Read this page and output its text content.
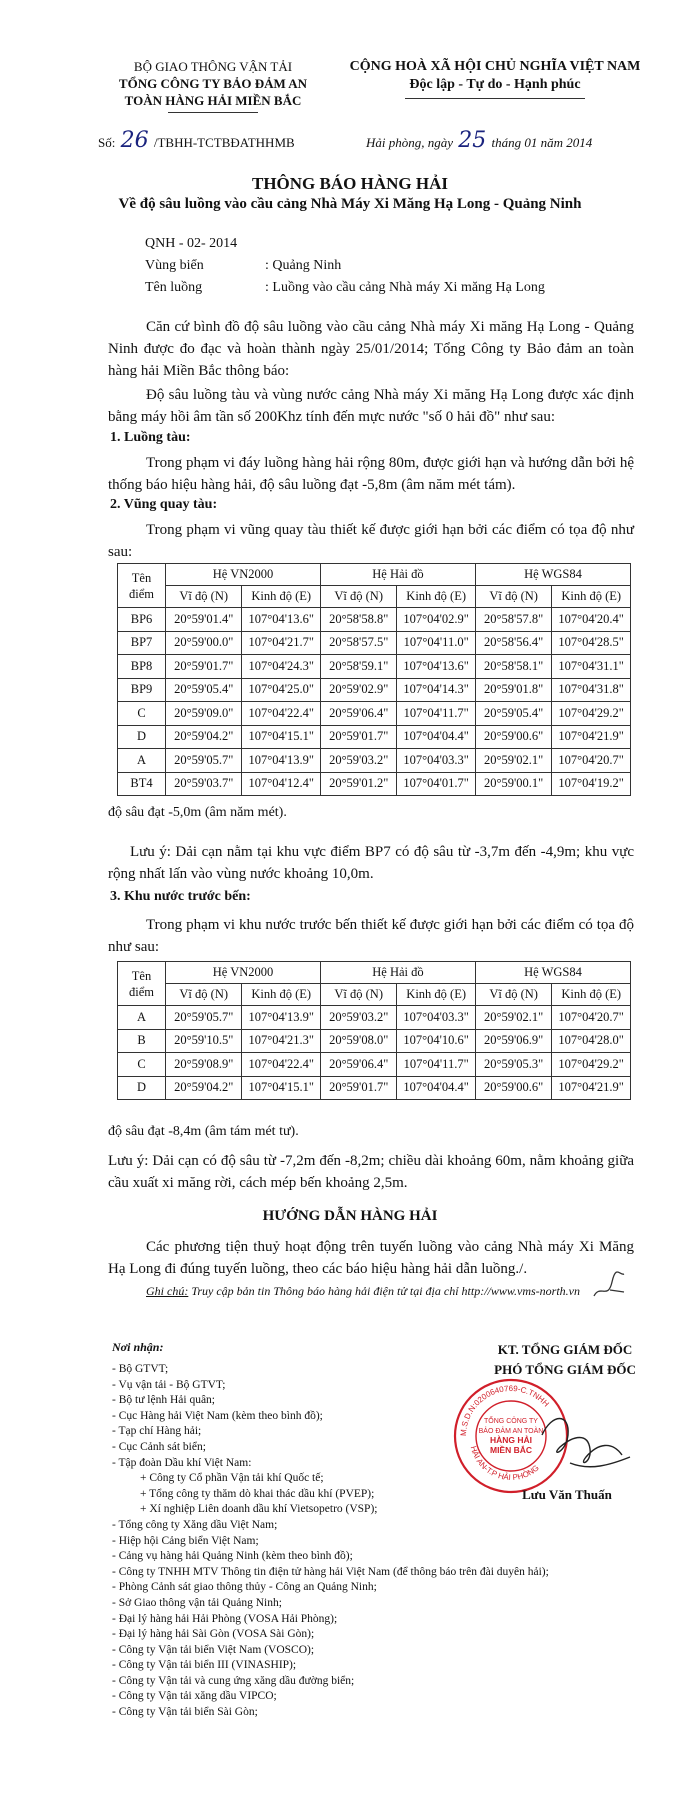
BỘ GIAO THÔNG VẬN TẢI
TỔNG CÔNG TY BẢO ĐẢM AN
TOÀN HÀNG HẢI MIỀN BẮC
CỘNG HOÀ XÃ HỘI CHỦ NGHĨA VIỆT NAM
Độc lập - Tự do - Hạnh phúc
Số: 26 /TBHH-TCTBĐATHHMB	Hải phòng, ngày 25 tháng 01 năm 2014
THÔNG BÁO HÀNG HẢI
Về độ sâu luồng vào cầu cảng Nhà Máy Xi Măng Hạ Long - Quảng Ninh
QNH - 02- 2014
Vùng biển	: Quảng Ninh
Tên luồng	: Luồng vào cầu cảng Nhà máy Xi măng Hạ Long
Căn cứ bình đồ độ sâu luồng vào cầu cảng Nhà máy Xi măng Hạ Long - Quảng Ninh được đo đạc và hoàn thành ngày 25/01/2014; Tổng Công ty Bảo đảm an toàn hàng hải Miền Bắc thông báo:
Độ sâu luồng tàu và vùng nước cảng Nhà máy Xi măng Hạ Long được xác định bằng máy hồi âm tần số 200Khz tính đến mực nước "số 0 hải đồ" như sau:
1. Luồng tàu:
Trong phạm vi đáy luồng hàng hải rộng 80m, được giới hạn và hướng dẫn bởi hệ thống báo hiệu hàng hải, độ sâu luồng đạt -5,8m (âm năm mét tám).
2. Vũng quay tàu:
Trong phạm vi vũng quay tàu thiết kế được giới hạn bởi các điểm có tọa độ như sau:
Tên điểm	Hệ VN2000		Hệ Hải đồ		Hệ WGS84	
	Vĩ độ (N)	Kinh độ (E)	Vĩ độ (N)	Kinh độ (E)	Vĩ độ (N)	Kinh độ (E)
BP6	20°59'01.4"	107°04'13.6"	20°58'58.8"	107°04'02.9"	20°58'57.8"	107°04'20.4"
BP7	20°59'00.0"	107°04'21.7"	20°58'57.5"	107°04'11.0"	20°58'56.4"	107°04'28.5"
BP8	20°59'01.7"	107°04'24.3"	20°58'59.1"	107°04'13.6"	20°58'58.1"	107°04'31.1"
BP9	20°59'05.4"	107°04'25.0"	20°59'02.9"	107°04'14.3"	20°59'01.8"	107°04'31.8"
C	20°59'09.0"	107°04'22.4"	20°59'06.4"	107°04'11.7"	20°59'05.4"	107°04'29.2"
D	20°59'04.2"	107°04'15.1"	20°59'01.7"	107°04'04.4"	20°59'00.6"	107°04'21.9"
A	20°59'05.7"	107°04'13.9"	20°59'03.2"	107°04'03.3"	20°59'02.1"	107°04'20.7"
BT4	20°59'03.7"	107°04'12.4"	20°59'01.2"	107°04'01.7"	20°59'00.1"	107°04'19.2"
độ sâu đạt -5,0m (âm năm mét).
Lưu ý: Dải cạn nằm tại khu vực điểm BP7 có độ sâu từ -3,7m đến -4,9m; khu vực rộng nhất lấn vào vùng nước khoảng 10,0m.
3. Khu nước trước bến:
Trong phạm vi khu nước trước bến thiết kế được giới hạn bởi các điểm có tọa độ như sau:
Tên điểm	Hệ VN2000		Hệ Hải đồ		Hệ WGS84	
	Vĩ độ (N)	Kinh độ (E)	Vĩ độ (N)	Kinh độ (E)	Vĩ độ (N)	Kinh độ (E)
A	20°59'05.7"	107°04'13.9"	20°59'03.2"	107°04'03.3"	20°59'02.1"	107°04'20.7"
B	20°59'10.5"	107°04'21.3"	20°59'08.0"	107°04'10.6"	20°59'06.9"	107°04'28.0"
C	20°59'08.9"	107°04'22.4"	20°59'06.4"	107°04'11.7"	20°59'05.3"	107°04'29.2"
D	20°59'04.2"	107°04'15.1"	20°59'01.7"	107°04'04.4"	20°59'00.6"	107°04'21.9"
độ sâu đạt -8,4m (âm tám mét tư).
Lưu ý: Dải cạn có độ sâu từ -7,2m đến -8,2m; chiều dài khoảng 60m, nằm khoảng giữa cầu xuất xi măng rời, cách mép bến khoảng 2,5m.
HƯỚNG DẪN HÀNG HẢI
Các phương tiện thuỷ hoạt động trên tuyến luồng vào cảng Nhà máy Xi Măng Hạ Long đi đúng tuyến luồng, theo các báo hiệu hàng hải dẫn luồng./.
Ghi chú: Truy cập bản tin Thông báo hàng hải điện tử tại địa chỉ http://www.vms-north.vn
KT. TỔNG GIÁM ĐỐC
PHÓ TỔNG GIÁM ĐỐC
M.S.D.N:0200640769-C.TNHH
HẢI AN-T.P HẢI PHÒNG
TỔNG CÔNG TY
BẢO ĐẢM AN TOÀN
HÀNG HẢI
MIỀN BẮC
Lưu Văn Thuấn
Nơi nhận:
- Bộ GTVT;
- Vụ vận tải - Bộ GTVT;
- Bộ tư lệnh Hải quân;
- Cục Hàng hải Việt Nam (kèm theo bình đồ);
- Tạp chí Hàng hải;
- Cục Cảnh sát biển;
- Tập đoàn Dầu khí Việt Nam:
+ Công ty Cổ phần Vận tải khí Quốc tế;
+ Tổng công ty thăm dò khai thác dầu khí (PVEP);
+ Xí nghiệp Liên doanh dầu khí Vietsopetro (VSP);
- Tổng công ty Xăng dầu Việt Nam;
- Hiệp hội Cảng biển Việt Nam;
- Cảng vụ hàng hải Quảng Ninh (kèm theo bình đồ);
- Công ty TNHH MTV Thông tin điện tử hàng hải Việt Nam (để thông báo trên đài duyên hải);
- Phòng Cảnh sát giao thông thủy - Công an Quảng Ninh;
- Sở Giao thông vận tải Quảng Ninh;
- Đại lý hàng hải Hải Phòng (VOSA Hải Phòng);
- Đại lý hàng hải Sài Gòn (VOSA Sài Gòn);
- Công ty Vận tải biển Việt Nam (VOSCO);
- Công ty Vận tải biển III (VINASHIP);
- Công ty Vận tải và cung ứng xăng dầu đường biển;
- Công ty Vận tải xăng dầu VIPCO;
- Công ty Vận tải biển Sài Gòn;
